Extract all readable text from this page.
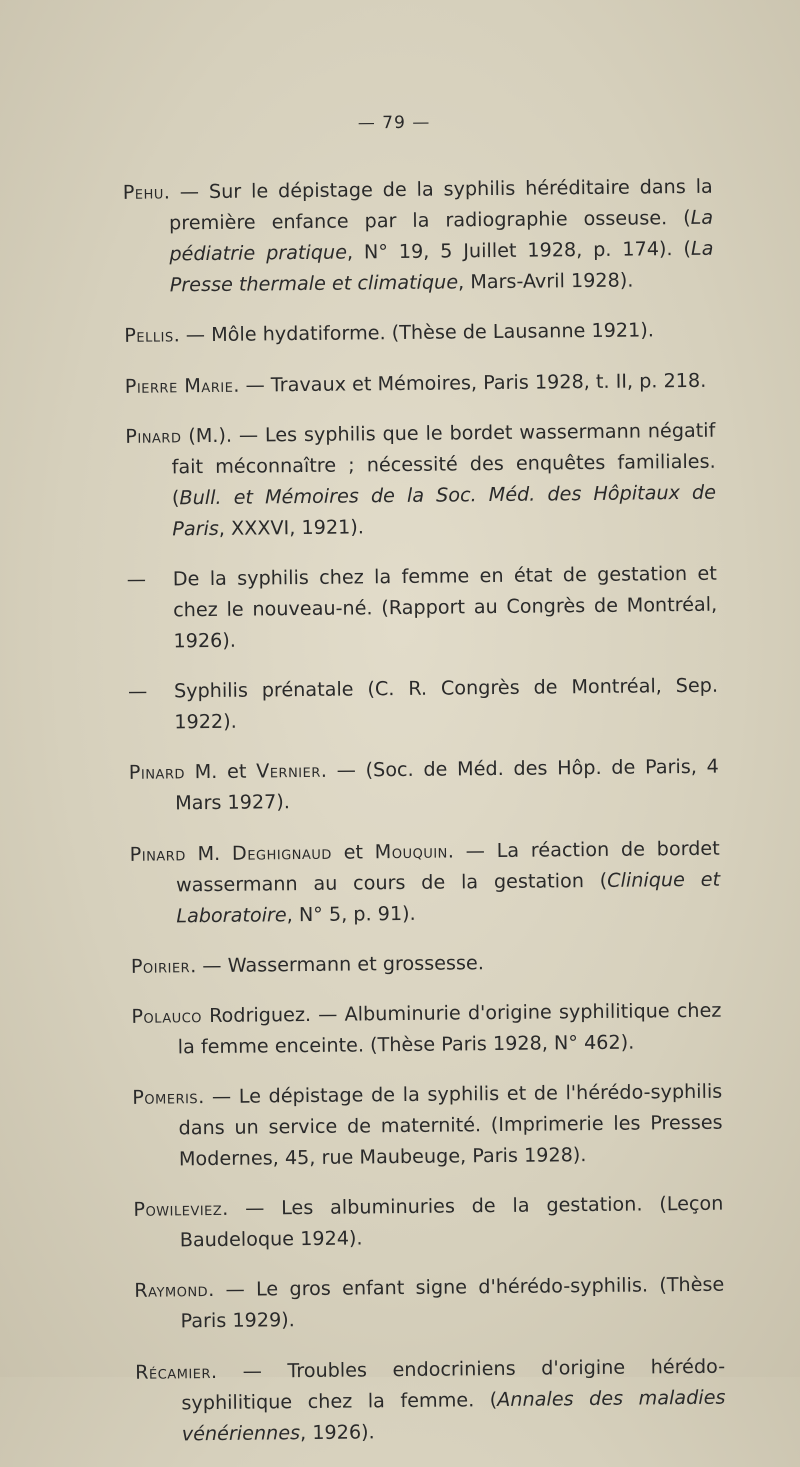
— 79 —

Pehu. — Sur le dépistage de la syphilis héréditaire dans la première enfance par la radiographie osseuse. (La pédiatrie pratique, N° 19, 5 Juillet 1928, p. 174). (La Presse thermale et climatique, Mars-Avril 1928).

Pellis. — Môle hydatiforme. (Thèse de Lausanne 1921).

Pierre Marie. — Travaux et Mémoires, Paris 1928, t. II, p. 218.

Pinard (M.). — Les syphilis que le bordet wassermann négatif fait méconnaître ; nécessité des enquêtes familiales. (Bull. et Mémoires de la Soc. Méd. des Hôpitaux de Paris, XXXVI, 1921).

— De la syphilis chez la femme en état de gestation et chez le nouveau-né. (Rapport au Congrès de Montréal, 1926).

— Syphilis prénatale (C. R. Congrès de Montréal, Sep. 1922).

Pinard M. et Vernier. — (Soc. de Méd. des Hôp. de Paris, 4 Mars 1927).

Pinard M. Deghignaud et Mouquin. — La réaction de bordet wassermann au cours de la gestation (Clinique et Laboratoire, N° 5, p. 91).

Poirier. — Wassermann et grossesse.

Polauco Rodriguez. — Albuminurie d'origine syphilitique chez la femme enceinte. (Thèse Paris 1928, N° 462).

Pomeris. — Le dépistage de la syphilis et de l'hérédo-syphilis dans un service de maternité. (Imprimerie les Presses Modernes, 45, rue Maubeuge, Paris 1928).

Powileviez. — Les albuminuries de la gestation. (Leçon Baudeloque 1924).

Raymond. — Le gros enfant signe d'hérédo-syphilis. (Thèse Paris 1929).

Récamier. — Troubles endocriniens d'origine hérédo-syphilitique chez la femme. (Annales des maladies vénériennes, 1926).
